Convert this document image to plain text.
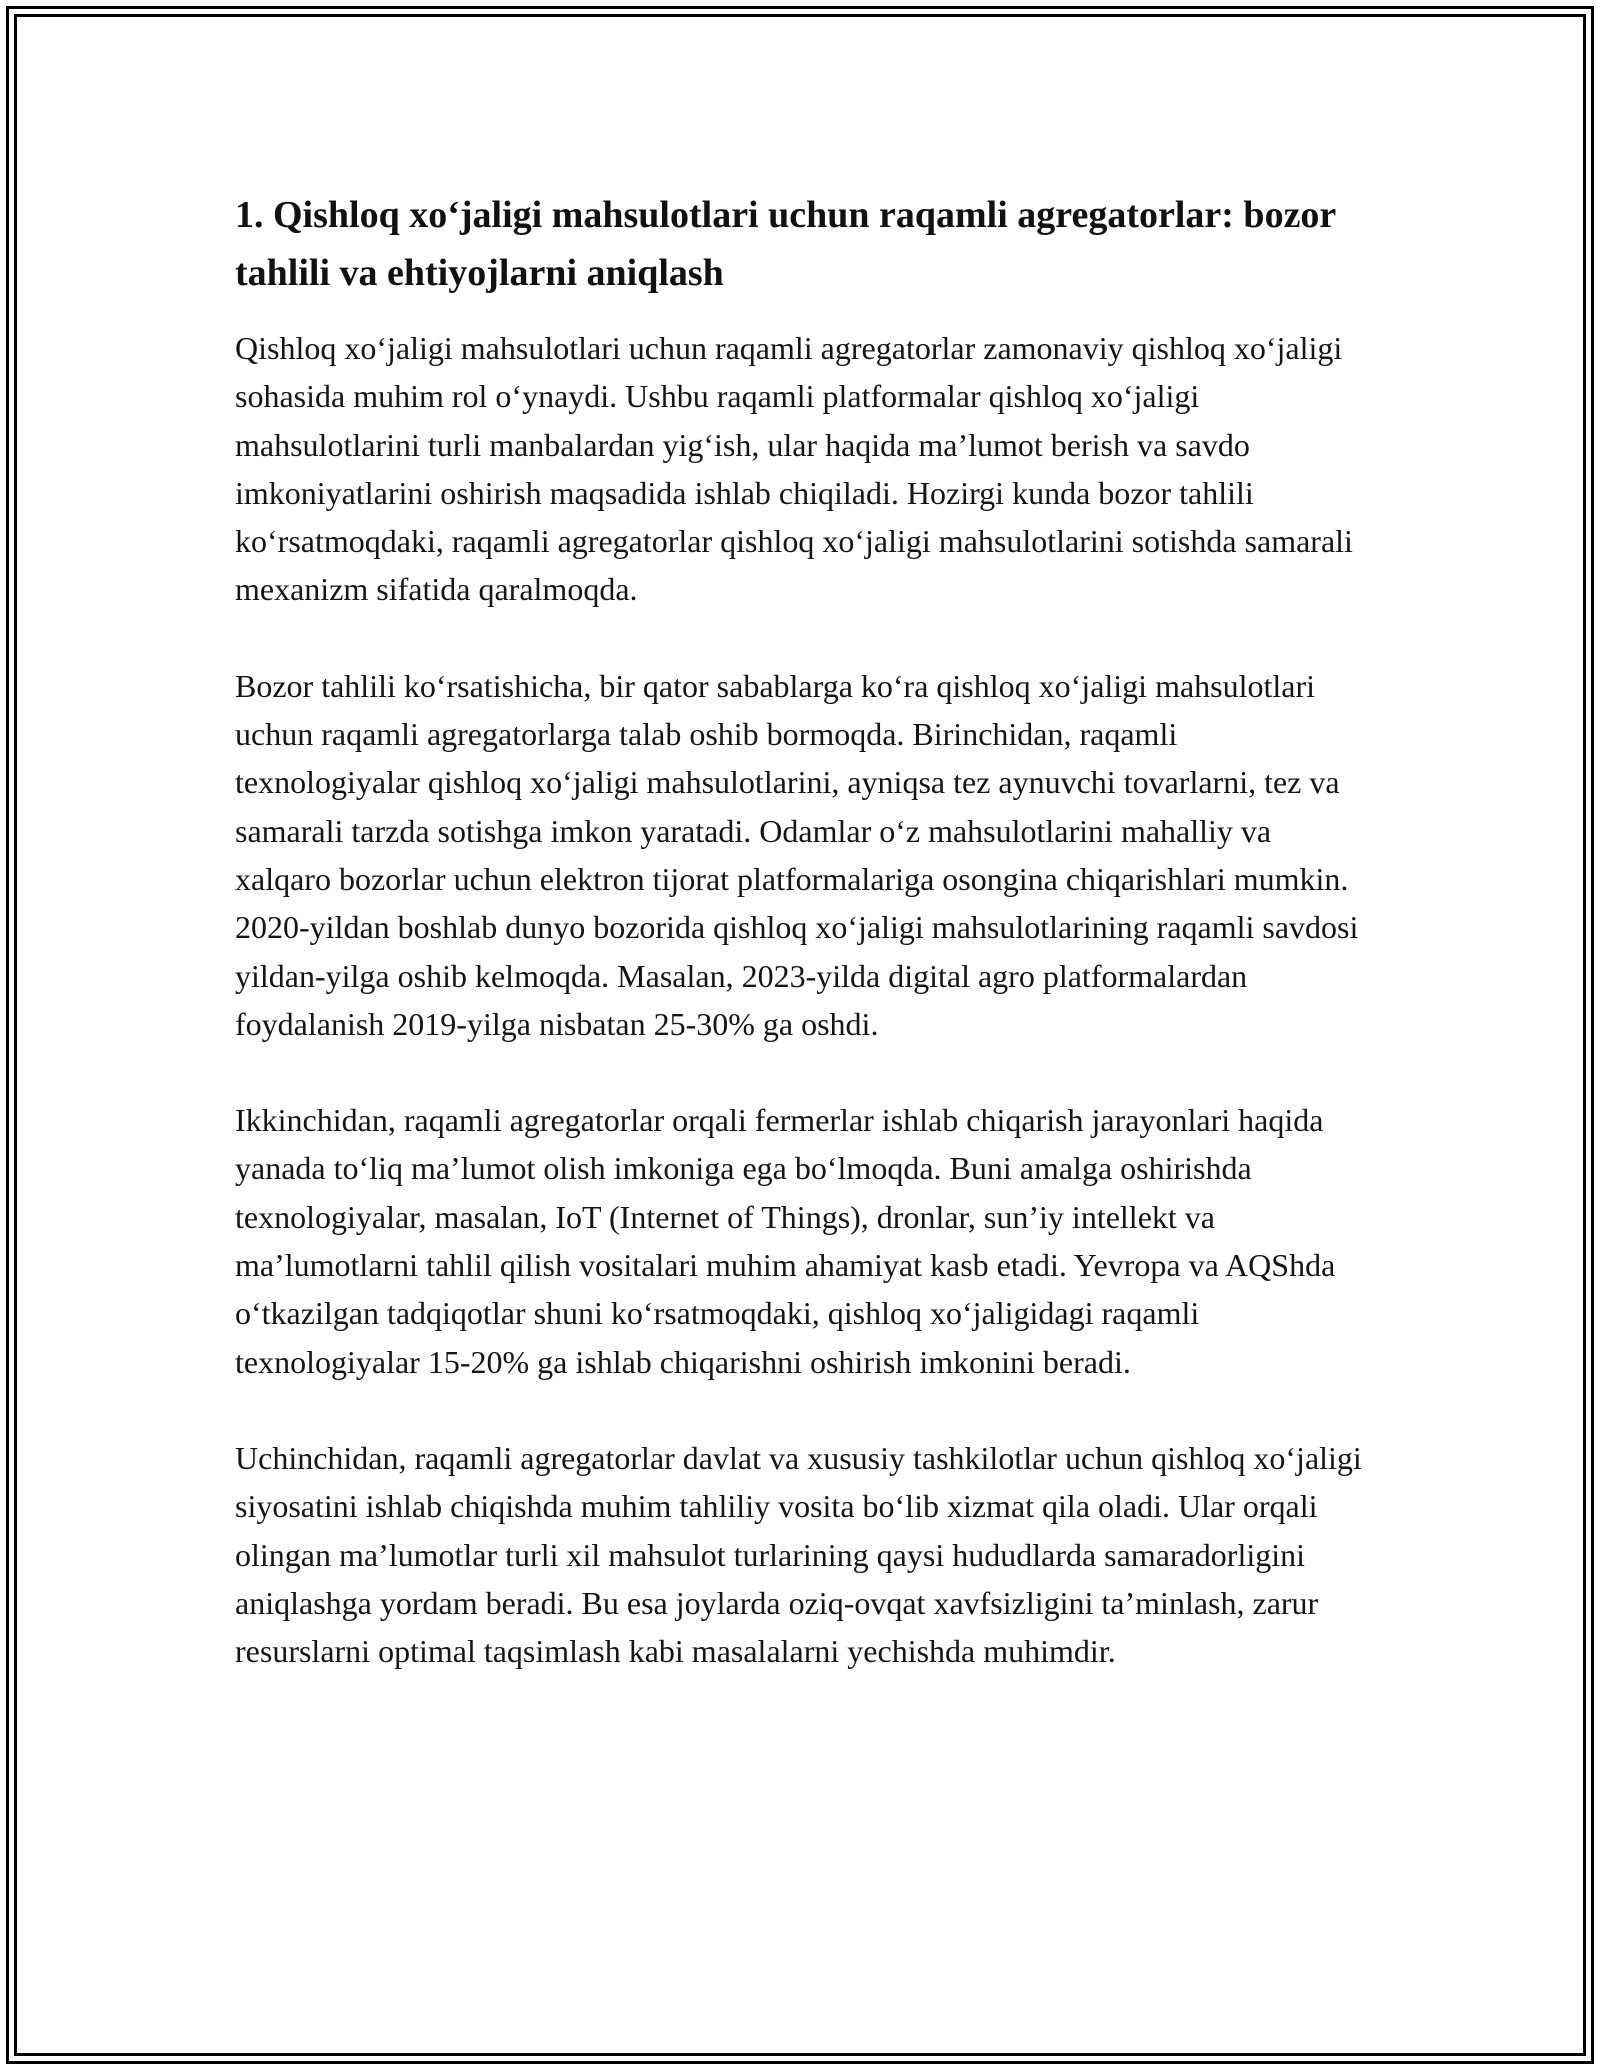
1. Qishloq xo‘jaligi mahsulotlari uchun raqamli agregatorlar: bozor tahlili va ehtiyojlarni aniqlash

Qishloq xo‘jaligi mahsulotlari uchun raqamli agregatorlar zamonaviy qishloq xo‘jaligi sohasida muhim rol o‘ynaydi. Ushbu raqamli platformalar qishloq xo‘jaligi mahsulotlarini turli manbalardan yig‘ish, ular haqida ma’lumot berish va savdo imkoniyatlarini oshirish maqsadida ishlab chiqiladi. Hozirgi kunda bozor tahlili ko‘rsatmoqdaki, raqamli agregatorlar qishloq xo‘jaligi mahsulotlarini sotishda samarali mexanizm sifatida qaralmoqda.

Bozor tahlili ko‘rsatishicha, bir qator sabablarga ko‘ra qishloq xo‘jaligi mahsulotlari uchun raqamli agregatorlarga talab oshib bormoqda. Birinchidan, raqamli texnologiyalar qishloq xo‘jaligi mahsulotlarini, ayniqsa tez aynuvchi tovarlarni, tez va samarali tarzda sotishga imkon yaratadi. Odamlar o‘z mahsulotlarini mahalliy va xalqaro bozorlar uchun elektron tijorat platformalariga osongina chiqarishlari mumkin. 2020-yildan boshlab dunyo bozorida qishloq xo‘jaligi mahsulotlarining raqamli savdosi yildan-yilga oshib kelmoqda. Masalan, 2023-yilda digital agro platformalardan foydalanish 2019-yilga nisbatan 25-30% ga oshdi.

Ikkinchidan, raqamli agregatorlar orqali fermerlar ishlab chiqarish jarayonlari haqida yanada to‘liq ma’lumot olish imkoniga ega bo‘lmoqda. Buni amalga oshirishda texnologiyalar, masalan, IoT (Internet of Things), dronlar, sun’iy intellekt va ma’lumotlarni tahlil qilish vositalari muhim ahamiyat kasb etadi. Yevropa va AQShda o‘tkazilgan tadqiqotlar shuni ko‘rsatmoqdaki, qishloq xo‘jaligidagi raqamli texnologiyalar 15-20% ga ishlab chiqarishni oshirish imkonini beradi.

Uchinchidan, raqamli agregatorlar davlat va xususiy tashkilotlar uchun qishloq xo‘jaligi siyosatini ishlab chiqishda muhim tahliliy vosita bo‘lib xizmat qila oladi. Ular orqali olingan ma’lumotlar turli xil mahsulot turlarining qaysi hududlarda samaradorligini aniqlashga yordam beradi. Bu esa joylarda oziq-ovqat xavfsizligini ta’minlash, zarur resurslarni optimal taqsimlash kabi masalalarni yechishda muhimdir.
